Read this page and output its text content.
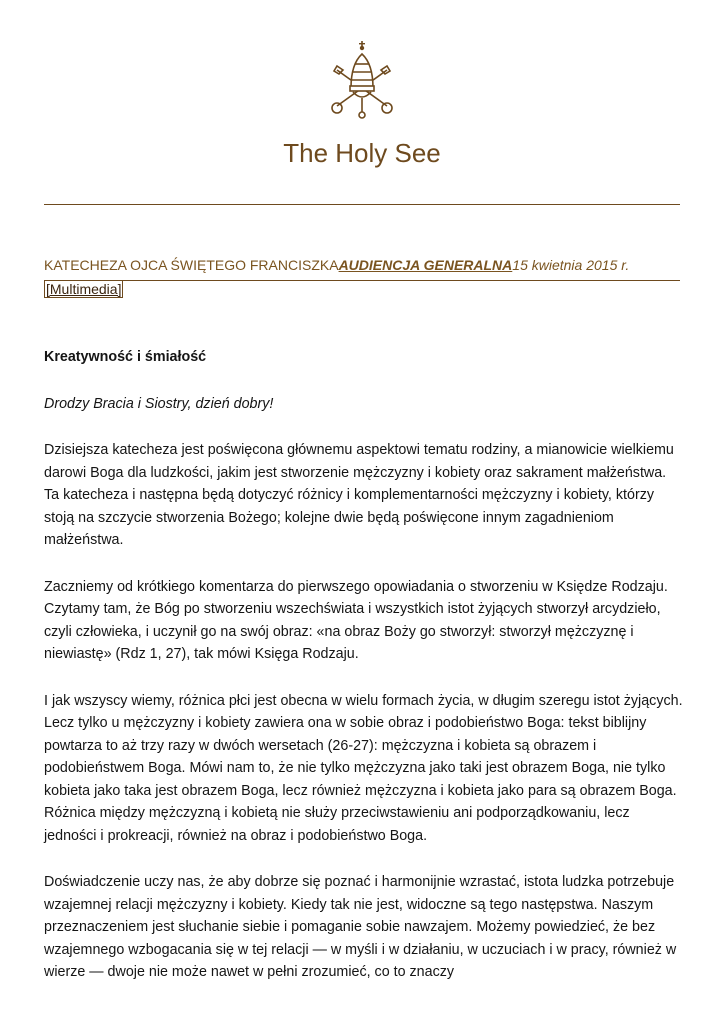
The Holy See
KATECHEZA OJCA ŚWIĘTEGO FRANCISZKAAUDIENCJA GENERALNA15 kwietnia 2015 r.[Multimedia]
Kreatywność i śmiałość

Drodzy Bracia i Siostry, dzień dobry!

Dzisiejsza katecheza jest poświęcona głównemu aspektowi tematu rodziny, a mianowicie wielkiemu darowi Boga dla ludzkości, jakim jest stworzenie mężczyzny i kobiety oraz sakrament małżeństwa. Ta katecheza i następna będą dotyczyć różnicy i komplementarności mężczyzny i kobiety, którzy stoją na szczycie stworzenia Bożego; kolejne dwie będą poświęcone innym zagadnieniom małżeństwa.

Zaczniemy od krótkiego komentarza do pierwszego opowiadania o stworzeniu w Księdze Rodzaju. Czytamy tam, że Bóg po stworzeniu wszechświata i wszystkich istot żyjących stworzył arcydzieło, czyli człowieka, i uczynił go na swój obraz: «na obraz Boży go stworzył: stworzył mężczyznę i niewiastę» (Rdz 1, 27), tak mówi Księga Rodzaju.

I jak wszyscy wiemy, różnica płci jest obecna w wielu formach życia, w długim szeregu istot żyjących. Lecz tylko u mężczyzny i kobiety zawiera ona w sobie obraz i podobieństwo Boga: tekst biblijny powtarza to aż trzy razy w dwóch wersetach (26-27): mężczyzna i kobieta są obrazem i podobieństwem Boga. Mówi nam to, że nie tylko mężczyzna jako taki jest obrazem Boga, nie tylko kobieta jako taka jest obrazem Boga, lecz również mężczyzna i kobieta jako para są obrazem Boga. Różnica między mężczyzną i kobietą nie służy przeciwstawieniu ani podporządkowaniu, lecz jedności i prokreacji, również na obraz i podobieństwo Boga.

Doświadczenie uczy nas, że aby dobrze się poznać i harmonijnie wzrastać, istota ludzka potrzebuje wzajemnej relacji mężczyzny i kobiety. Kiedy tak nie jest, widoczne są tego następstwa. Naszym przeznaczeniem jest słuchanie siebie i pomaganie sobie nawzajem. Możemy powiedzieć, że bez wzajemnego wzbogacania się w tej relacji — w myśli i w działaniu, w uczuciach i w pracy, również w wierze — dwoje nie może nawet w pełni zrozumieć, co to znaczy
